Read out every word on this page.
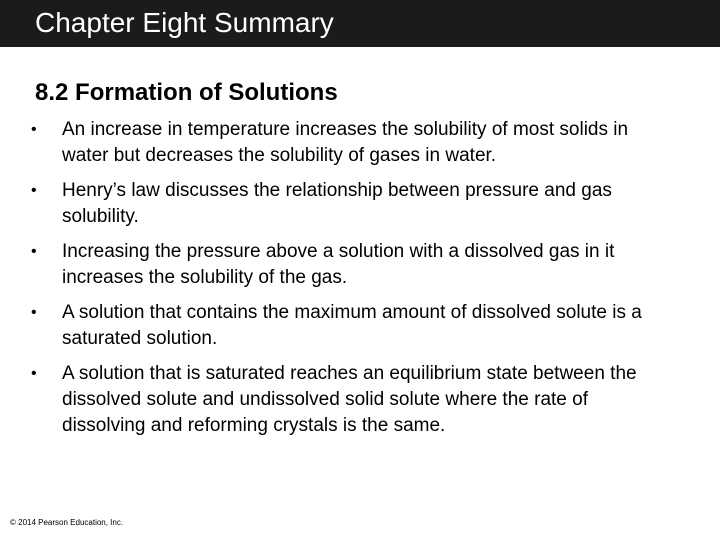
Chapter Eight Summary
8.2 Formation of Solutions
• An increase in temperature increases the solubility of most solids in water but decreases the solubility of gases in water.
• Henry’s law discusses the relationship between pressure and gas solubility.
• Increasing the pressure above a solution with a dissolved gas in it increases the solubility of the gas.
• A solution that contains the maximum amount of dissolved solute is a saturated solution.
• A solution that is saturated reaches an equilibrium state between the dissolved solute and undissolved solid solute where the rate of dissolving and reforming crystals is the same.
© 2014 Pearson Education, Inc.
